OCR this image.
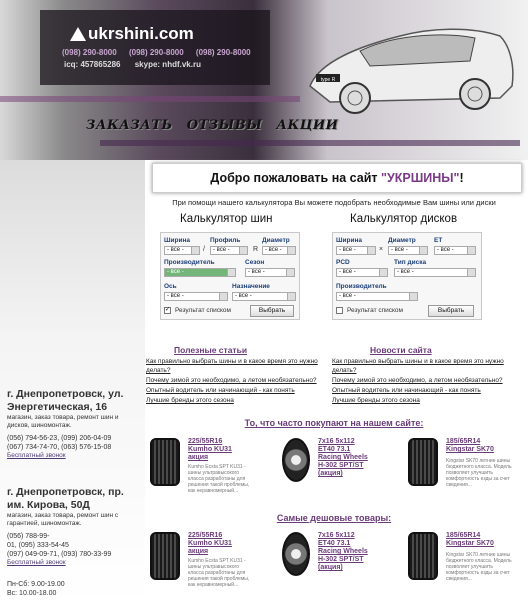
ukrshini.com
(098) 290-8000 (098) 290-8000 (098) 290-8000
icq: 457865286 skype: nhdf.vk.ru
type R
ЗАКАЗАТЬ ОТЗЫВЫ АКЦИИ
г. Днепропетровск, ул. Энергетическая, 16
магазин, заказ товара, ремонт шин и дисков, шиномонтаж.
(056) 794-56-23, (099) 206-04-09
(067) 734-74-70, (063) 576-15-08
Бесплатный звонок
г. Днепропетровск, пр. им. Кирова, 50Д
магазин, заказ товара, ремонт шин с гарантией, шиномонтаж.
(056) 788-99-
01, (095) 333-54-45
(097) 049-09-71, (093) 780-33-99
Бесплатный звонок
Пн-Сб: 9.00-19.00
Вс: 10.00-18.00
Добро пожаловать на сайт
"УКРШИНЫ" !
При помощи нашего калькулятора Вы можете подобрать необходимые Вам шины или диски
Калькулятор шин
Ширина	Профиль	Диаметр
- все -	/	- все -	R	- все -
Производитель	Сезон
- все -	- все -
Ось	Назначение
- все -	- все -
✓ Результат списком	Выбрать
Калькулятор дисков
Ширина	Диаметр	ET
- все -	×	- все -	- все -
PCD	Тип диска
- все -	- все -
Производитель
- все -
Результат списком	Выбрать
Полезные статьи
Как правильно выбрать шины и в какое время это нужно
делать?
Почему зимой это необходимо, а летом необязательно?
Опытный водитель или начинающий - как понять
Лучшие бренды этого сезона
Новости сайта
Как правильно выбрать шины и в какое время это нужно
делать?
Почему зимой это необходимо, а летом необязательно?
Опытный водитель или начинающий - как понять
Лучшие бренды этого сезона
То, что часто покупают на нашем сайте:
225/55R16
Kumho KU31
акция
Kumho Ecsta SPT KU31 - шины ультравысокого класса разработаны для решения такой проблемы, как неравномерный...
7x16 5x112
ET40 73.1
Racing Wheels
H-302 SPT/ST
(акция)
185/65R14
Kingstar SK70
Kingstar SK70 летние шины бюджетного класса. Модель позволяет улучшить комфортность езды за счет сведения...
Самые дешовые товары:
225/55R16
Kumho KU31
акция
Kumho Ecsta SPT KU31 - шины ультравысокого класса разработаны для решения такой проблемы, как неравномерный...
7x16 5x112
ET40 73.1
Racing Wheels
H-302 SPT/ST
(акция)
185/65R14
Kingstar SK70
Kingstar SK70 летние шины бюджетного класса. Модель позволяет улучшить комфортность езды за счет сведения...
